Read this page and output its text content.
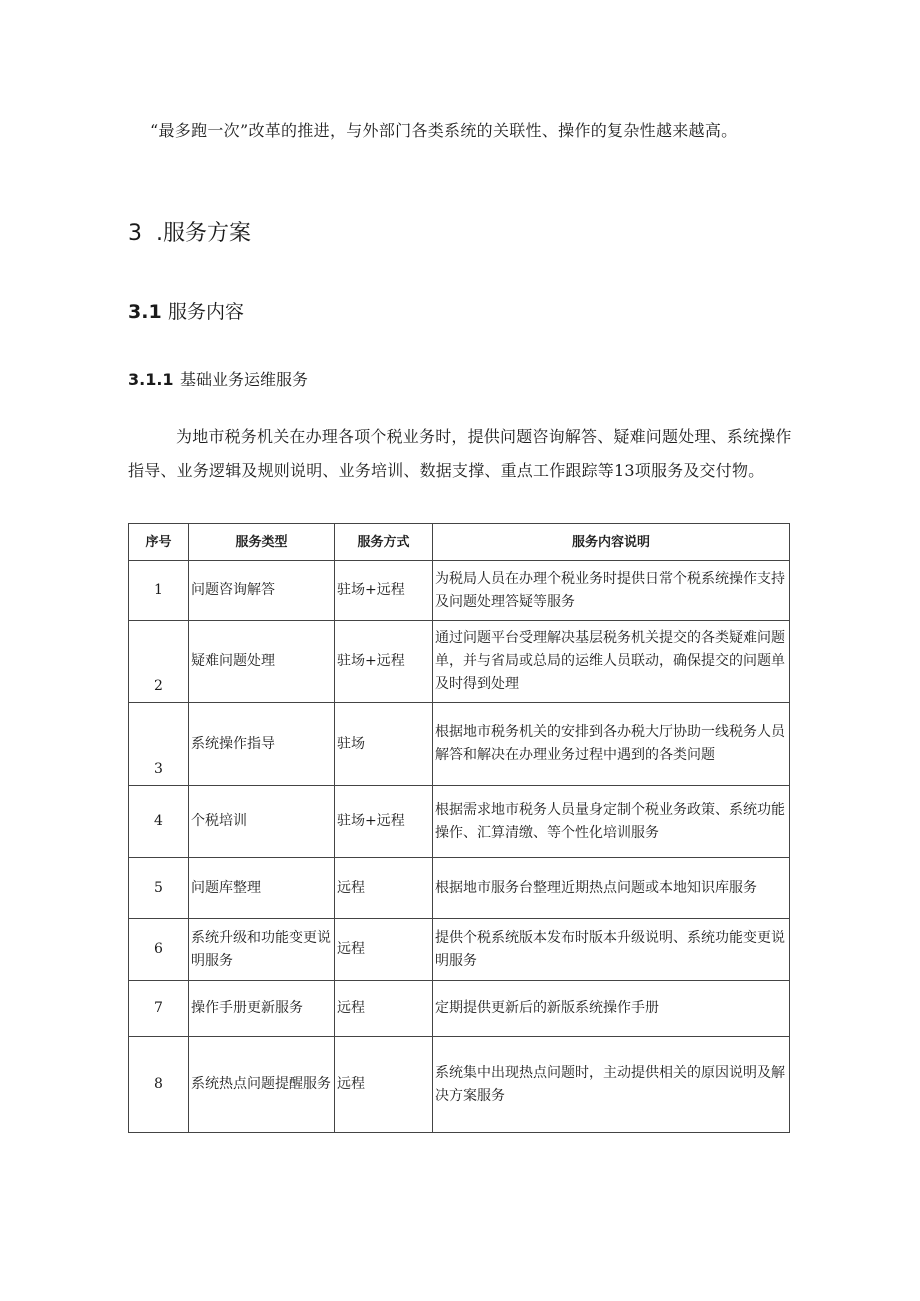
“最多跑一次”改革的推进，与外部门各类系统的关联性、操作的复杂性越来越高。
3 .服务方案
3.1 服务内容
3.1.1 基础业务运维服务

为地市税务机关在办理各项个税业务时，提供问题咨询解答、疑难问题处理、系统操作指导、业务逻辑及规则说明、业务培训、数据支撑、重点工作跟踪等13项服务及交付物。

序号	服务类型	服务方式	服务内容说明
1	问题咨询解答	驻场+远程	为税局人员在办理个税业务时提供日常个税系统操作支持及问题处理答疑等服务
2	疑难问题处理	驻场+远程	通过问题平台受理解决基层税务机关提交的各类疑难问题单，并与省局或总局的运维人员联动，确保提交的问题单及时得到处理
3	系统操作指导	驻场	根据地市税务机关的安排到各办税大厅协助一线税务人员解答和解决在办理业务过程中遇到的各类问题
4	个税培训	驻场+远程	根据需求地市税务人员量身定制个税业务政策、系统功能操作、汇算清缴、等个性化培训服务
5	问题库整理	远程	根据地市服务台整理近期热点问题或本地知识库服务
6	系统升级和功能变更说明服务	远程	提供个税系统版本发布时版本升级说明、系统功能变更说明服务
7	操作手册更新服务	远程	定期提供更新后的新版系统操作手册
8	系统热点问题提醒服务	远程	系统集中出现热点问题时，主动提供相关的原因说明及解决方案服务
